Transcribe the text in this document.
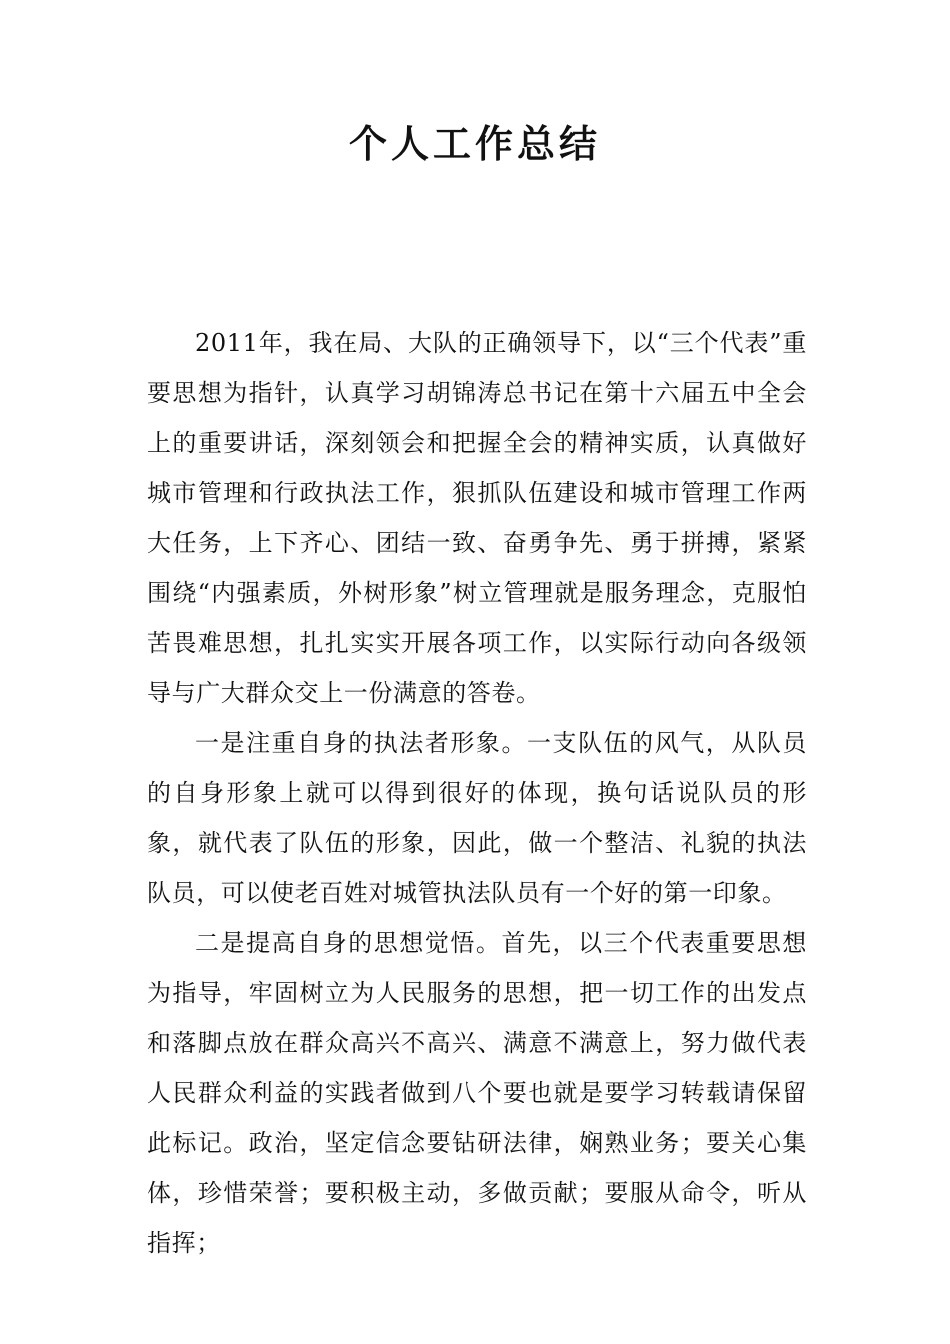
个人工作总结

2011年，我在局、大队的正确领导下，以“三个代表”重要思想为指针，认真学习胡锦涛总书记在第十六届五中全会上的重要讲话，深刻领会和把握全会的精神实质，认真做好城市管理和行政执法工作，狠抓队伍建设和城市管理工作两大任务，上下齐心、团结一致、奋勇争先、勇于拼搏，紧紧围绕“内强素质，外树形象”树立管理就是服务理念，克服怕苦畏难思想，扎扎实实开展各项工作，以实际行动向各级领导与广大群众交上一份满意的答卷。

一是注重自身的执法者形象。一支队伍的风气，从队员的自身形象上就可以得到很好的体现，换句话说队员的形象，就代表了队伍的形象，因此，做一个整洁、礼貌的执法队员，可以使老百姓对城管执法队员有一个好的第一印象。

二是提高自身的思想觉悟。首先，以三个代表重要思想为指导，牢固树立为人民服务的思想，把一切工作的出发点和落脚点放在群众高兴不高兴、满意不满意上，努力做代表人民群众利益的实践者做到八个要也就是要学习转载请保留此标记。政治，坚定信念要钻研法律，娴熟业务；要关心集体，珍惜荣誉；要积极主动，多做贡献；要服从命令，听从指挥；
